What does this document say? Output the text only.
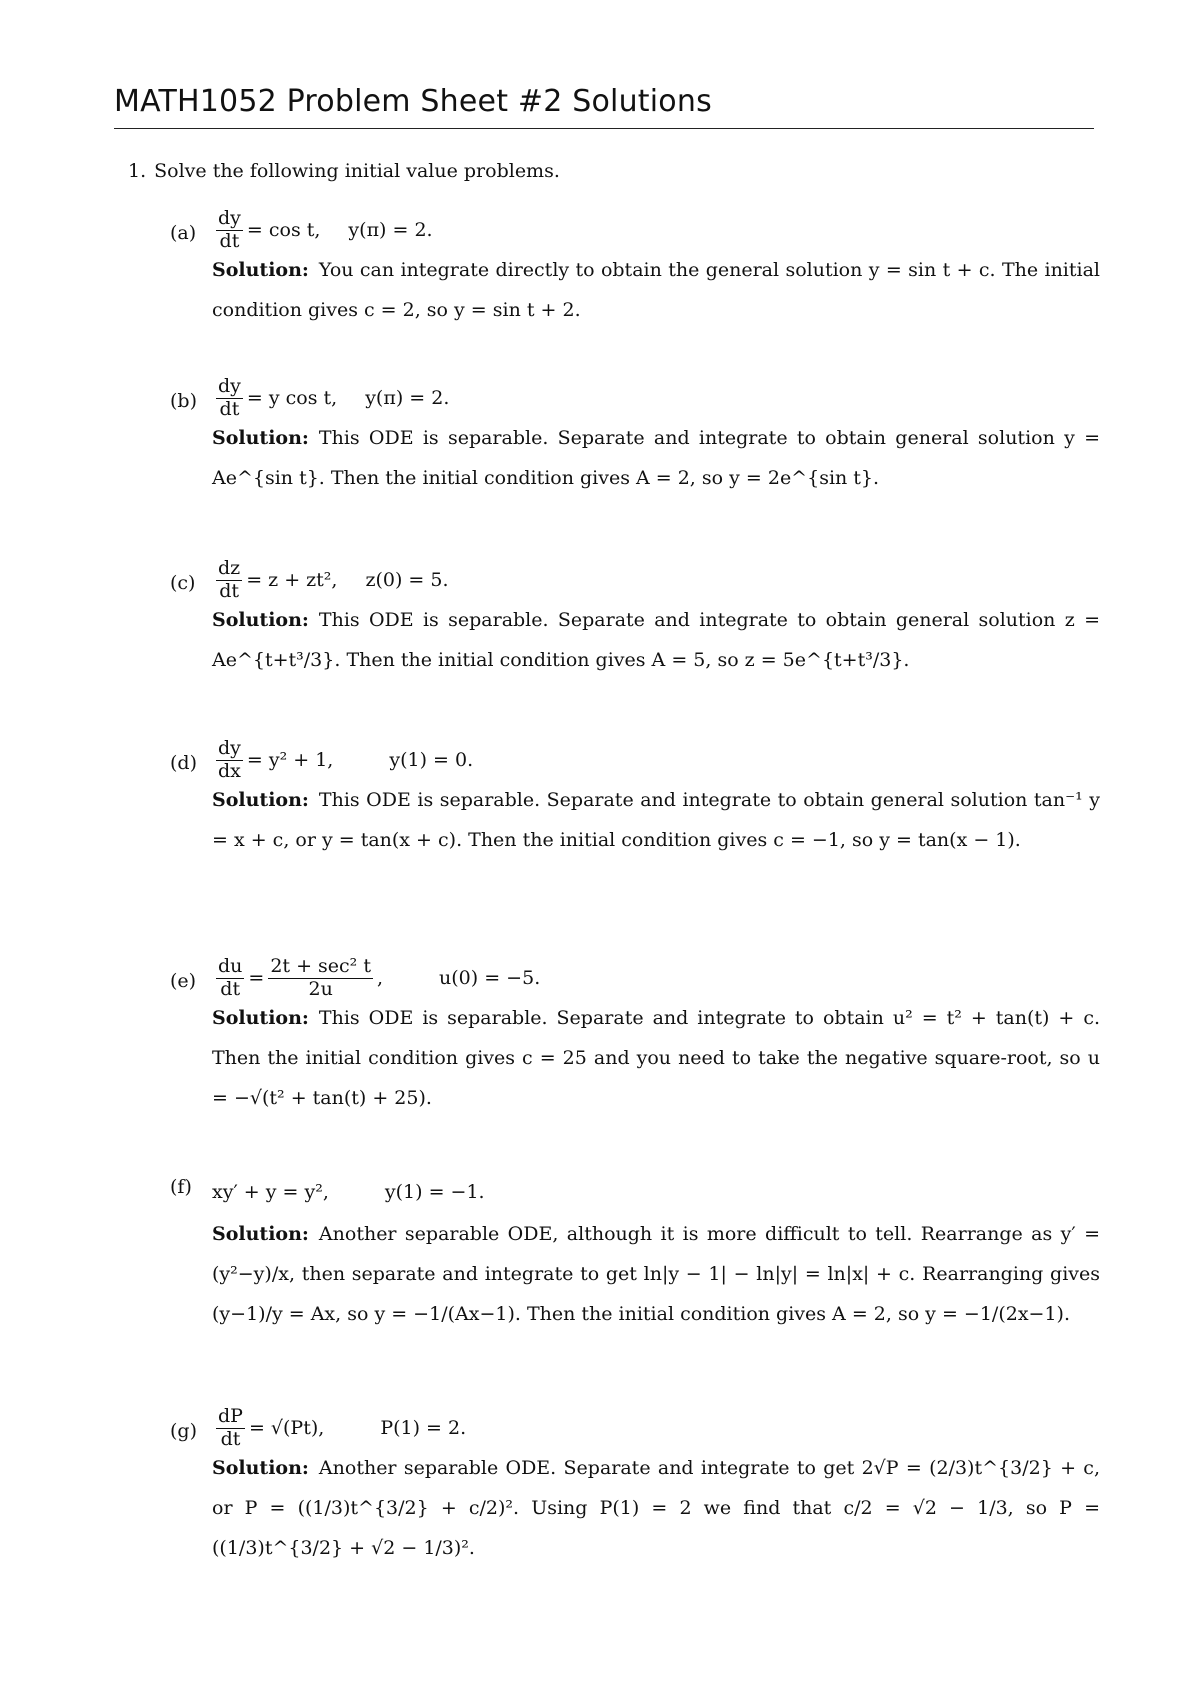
MATH1052 Problem Sheet #2 Solutions
1. Solve the following initial value problems.
$(a) \frac{dy}{dt} = \cos t$, y(π) = 2.
Solution: You can integrate directly to obtain the general solution y = sin t + c. The initial condition gives c = 2, so y = sin t + 2.
$(b) \frac{dy}{dt} = y$ cos t, y(π) = 2.
Solution: This ODE is separable. Separate and integrate to obtain general solution y = Ae^{sin t}. Then the initial condition gives A = 2, so y = 2e^{sin t}.
$(c) \frac{dz}{dt} = z + zt^2$, z(0) = 5.
Solution: This ODE is separable. Separate and integrate to obtain general solution z = Ae^{t+t³/3}. Then the initial condition gives A = 5, so z = 5e^{t+t³/3}.
$(d) \frac{dy}{dx} = y^2 + 1$,	y(1) = 0.
Solution: This ODE is separable. Separate and integrate to obtain general solution tan⁻¹ y = x + c, or y = tan(x + c). Then the initial condition gives c = −1, so y = tan(x − 1).
$(e) \frac{du}{dt} = \frac{\text{2t + sec² t}}{2u}$ ,	u(0) = −5.
Solution: This ODE is separable. Separate and integrate to obtain u² = t² + tan(t) + c. Then the initial condition gives c = 25 and you need to take the negative square-root, so u = −√(t² + tan(t) + 25).
(f) xy′ + y = y²,	y(1) = −1.
Solution: Another separable ODE, although it is more difficult to tell. Rearrange as y′ = (y²−y)/x, then separate and integrate to get ln|y − 1| − ln|y| = ln|x| + c. Rearranging gives (y−1)/y = Ax, so y = −1/(Ax−1). Then the initial condition gives A = 2, so y = −1/(2x−1).
$(g) \frac{dP}{dt} = √(Pt)$,	P(1) = 2.
Solution: Another separable ODE. Separate and integrate to get 2√P = (2/3)t^{3/2} + c, or P = ((1/3)t^{3/2} + c/2)². Using P(1) = 2 we find that c/2 = √2 − 1/3, so P = ((1/3)t^{3/2} + √2 − 1/3)².
